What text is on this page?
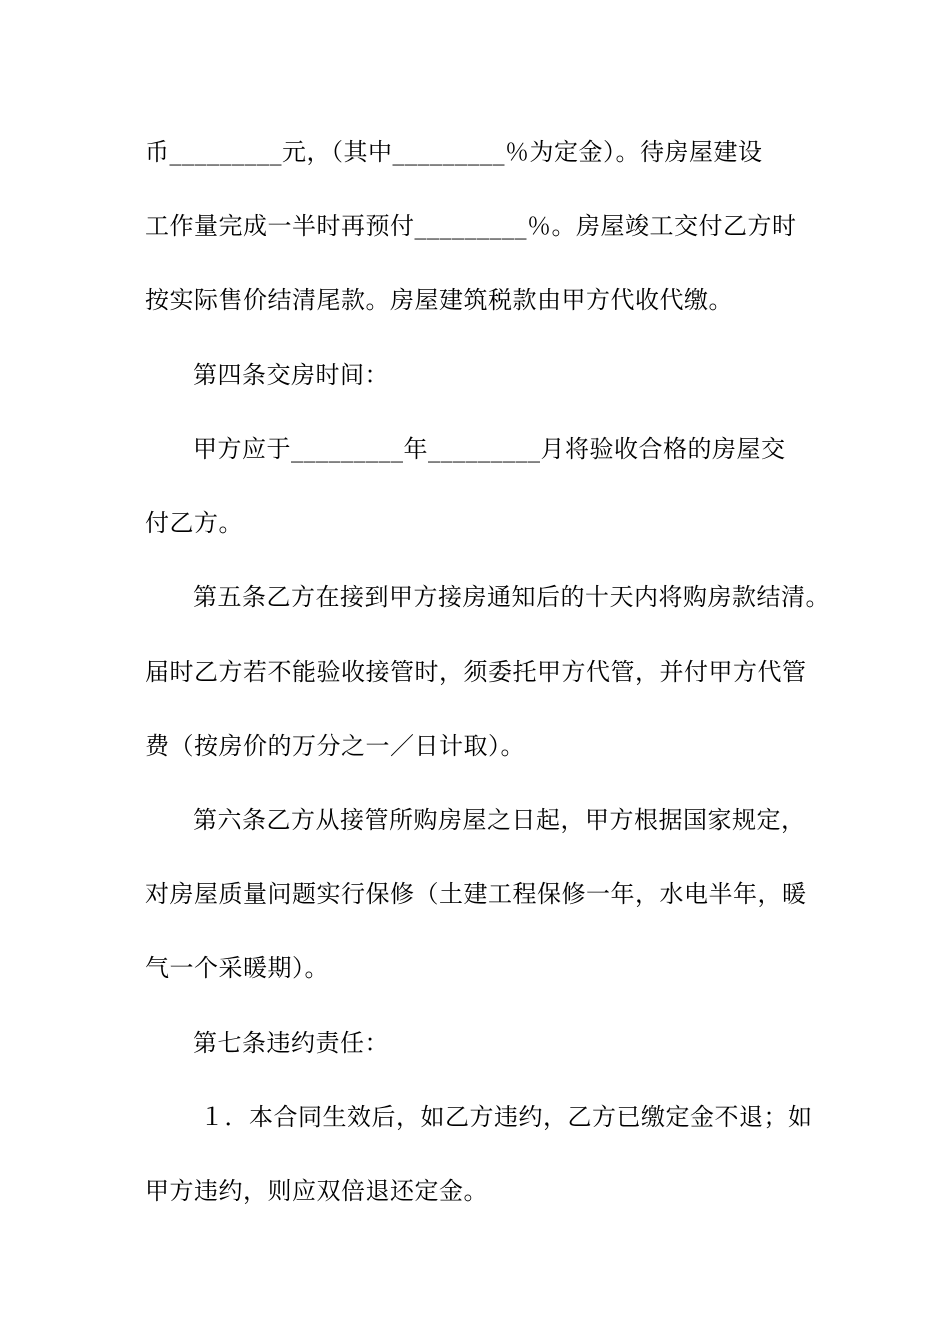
币_________元，（其中_________％为定金）。待房屋建设
工作量完成一半时再预付_________％。房屋竣工交付乙方时
按实际售价结清尾款。房屋建筑税款由甲方代收代缴。
第四条交房时间：
甲方应于_________年_________月将验收合格的房屋交
付乙方。
第五条乙方在接到甲方接房通知后的十天内将购房款结清。
届时乙方若不能验收接管时，须委托甲方代管，并付甲方代管
费（按房价的万分之一／日计取）。
第六条乙方从接管所购房屋之日起，甲方根据国家规定，
对房屋质量问题实行保修（土建工程保修一年，水电半年，暖
气一个采暖期）。
第七条违约责任：
１．本合同生效后，如乙方违约，乙方已缴定金不退；如
甲方违约，则应双倍退还定金。
